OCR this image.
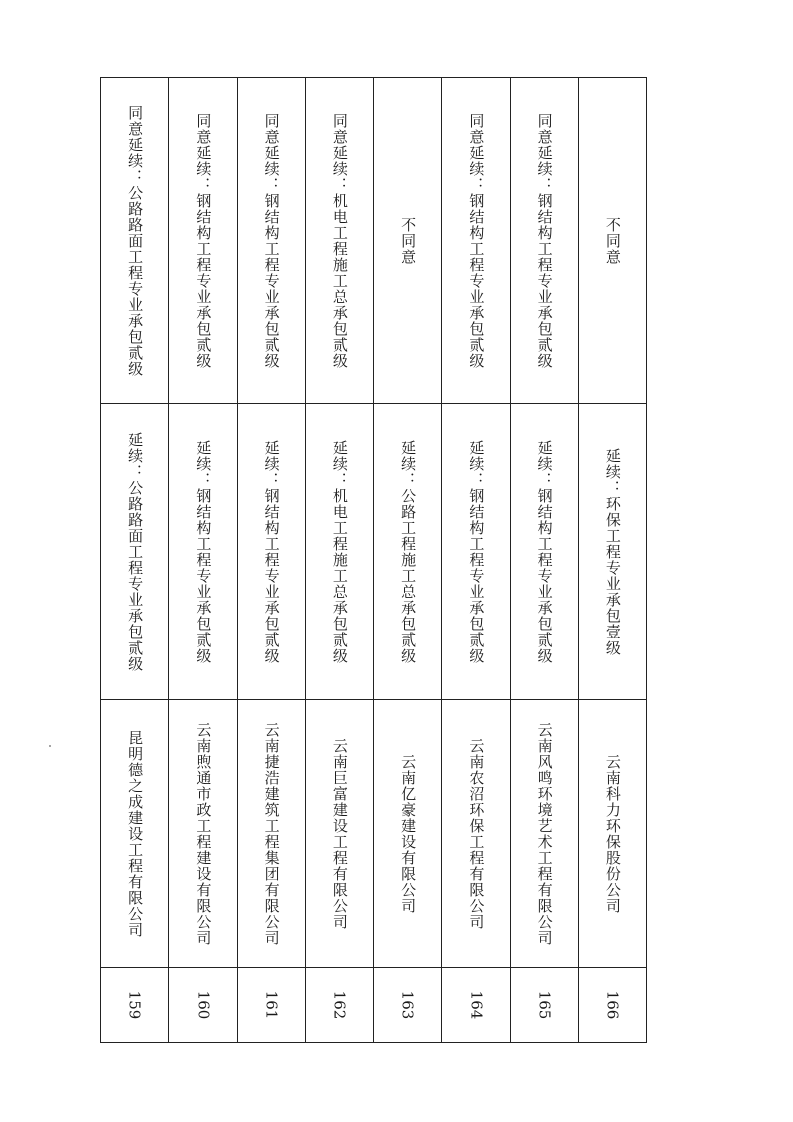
同意延续：公路路面工程专业承包贰级
延续：公路路面工程专业承包贰级
昆明德之成建设工程有限公司
159
同意延续：钢结构工程专业承包贰级
延续：钢结构工程专业承包贰级
云南煦通市政工程建设有限公司
160
同意延续：钢结构工程专业承包贰级
延续：钢结构工程专业承包贰级
云南捷浩建筑工程集团有限公司
161
同意延续：机电工程施工总承包贰级
延续：机电工程施工总承包贰级
云南巨富建设工程有限公司
162
不同意
延续：公路工程施工总承包贰级
云南亿豪建设有限公司
163
同意延续：钢结构工程专业承包贰级
延续：钢结构工程专业承包贰级
云南农沼环保工程有限公司
164
同意延续：钢结构工程专业承包贰级
延续：钢结构工程专业承包贰级
云南风鸣环境艺术工程有限公司
165
不同意
延续：环保工程专业承包壹级
云南科力环保股份公司
166
